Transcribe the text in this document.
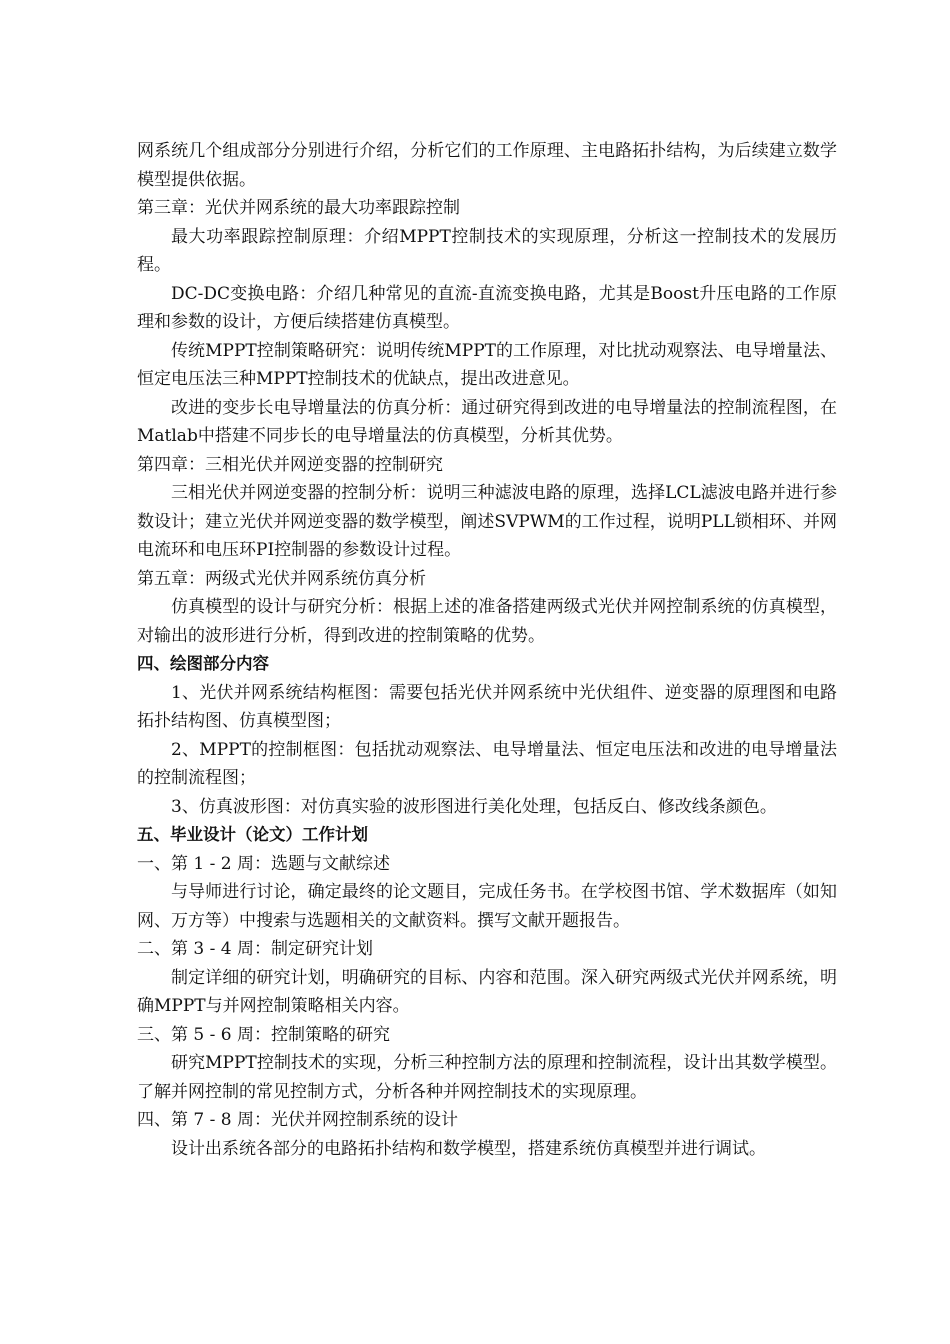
网系统几个组成部分分别进行介绍，分析它们的工作原理、主电路拓扑结构，为后续建立数学模型提供依据。

第三章：光伏并网系统的最大功率跟踪控制

最大功率跟踪控制原理：介绍MPPT控制技术的实现原理，分析这一控制技术的发展历程。

DC-DC变换电路：介绍几种常见的直流-直流变换电路，尤其是Boost升压电路的工作原理和参数的设计，方便后续搭建仿真模型。

传统MPPT控制策略研究：说明传统MPPT的工作原理，对比扰动观察法、电导增量法、恒定电压法三种MPPT控制技术的优缺点，提出改进意见。

改进的变步长电导增量法的仿真分析：通过研究得到改进的电导增量法的控制流程图，在Matlab中搭建不同步长的电导增量法的仿真模型，分析其优势。

第四章：三相光伏并网逆变器的控制研究

三相光伏并网逆变器的控制分析：说明三种滤波电路的原理，选择LCL滤波电路并进行参数设计；建立光伏并网逆变器的数学模型，阐述SVPWM的工作过程，说明PLL锁相环、并网电流环和电压环PI控制器的参数设计过程。

第五章：两级式光伏并网系统仿真分析

仿真模型的设计与研究分析：根据上述的准备搭建两级式光伏并网控制系统的仿真模型，对输出的波形进行分析，得到改进的控制策略的优势。

四、绘图部分内容

1、光伏并网系统结构框图：需要包括光伏并网系统中光伏组件、逆变器的原理图和电路拓扑结构图、仿真模型图；

2、MPPT的控制框图：包括扰动观察法、电导增量法、恒定电压法和改进的电导增量法的控制流程图；

3、仿真波形图：对仿真实验的波形图进行美化处理，包括反白、修改线条颜色。

五、毕业设计（论文）工作计划

一、第 1 - 2 周：选题与文献综述

与导师进行讨论，确定最终的论文题目，完成任务书。在学校图书馆、学术数据库（如知网、万方等）中搜索与选题相关的文献资料。撰写文献开题报告。

二、第 3 - 4 周：制定研究计划

制定详细的研究计划，明确研究的目标、内容和范围。深入研究两级式光伏并网系统，明确MPPT与并网控制策略相关内容。

三、第 5 - 6 周：控制策略的研究

研究MPPT控制技术的实现，分析三种控制方法的原理和控制流程，设计出其数学模型。了解并网控制的常见控制方式，分析各种并网控制技术的实现原理。

四、第 7 - 8 周：光伏并网控制系统的设计

设计出系统各部分的电路拓扑结构和数学模型，搭建系统仿真模型并进行调试。
